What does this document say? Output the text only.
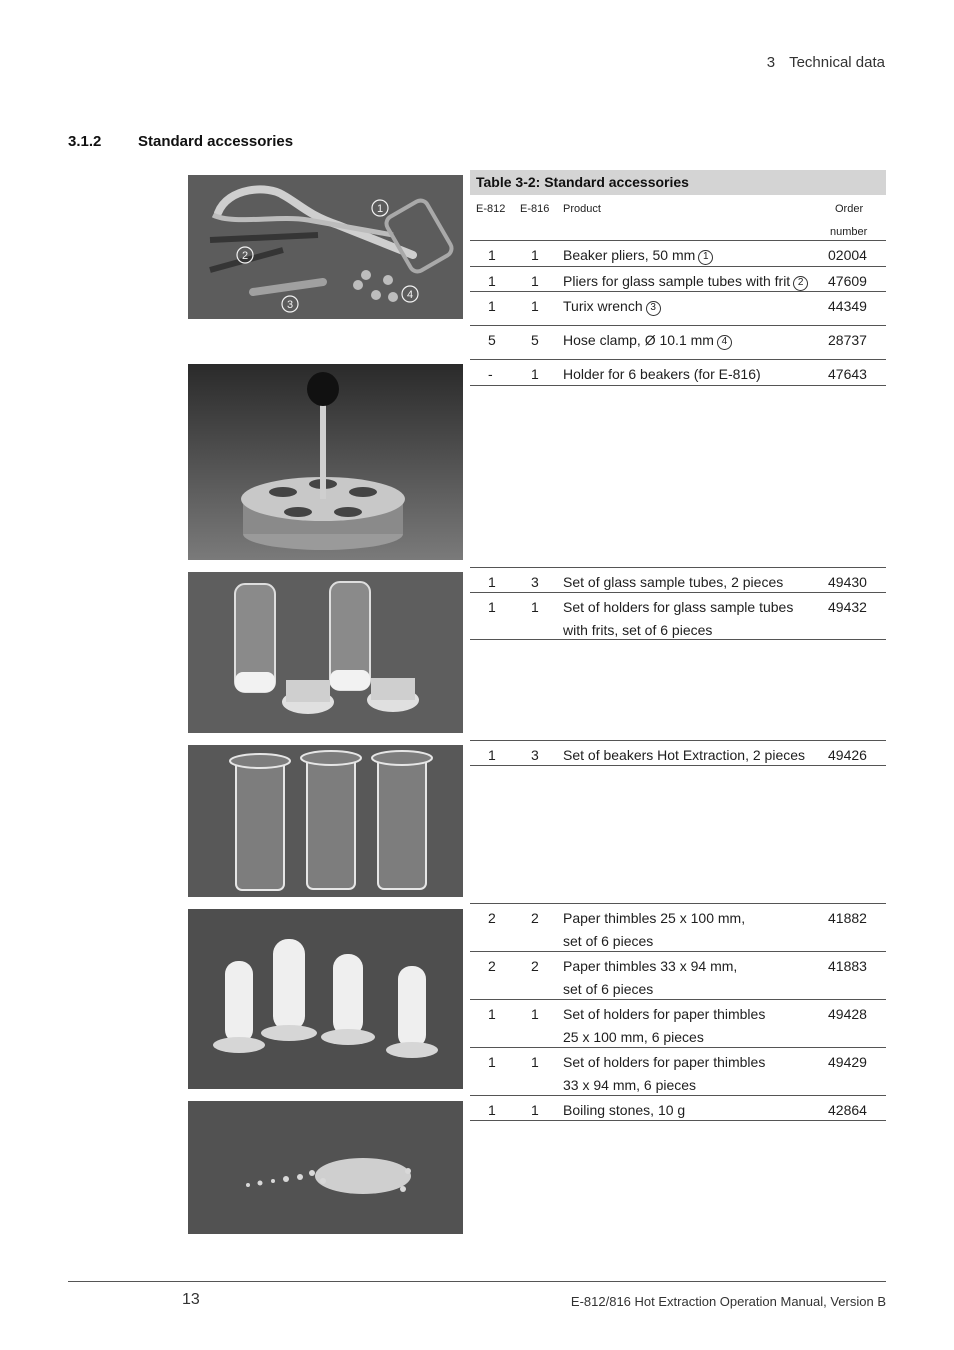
3 Technical data
3.1.2 Standard accessories
1
2
3
4
Table 3-2: Standard accessories
E-812 E-816 Product	Order
number
1	1 Beaker pliers, 50 mm 1	02004
1	1 Pliers for glass sample tubes with frit 2	47609
1	1 Turix wrench 3	44349
5	5 Hose clamp, Ø 10.1 mm 4	28737
-	1 Holder for 6 beakers (for E-816)	47643
1	3 Set of glass sample tubes, 2 pieces	49430
1	1 Set of holders for glass sample tubes
with frits, set of 6 pieces
49432
1	3 Set of beakers Hot Extraction, 2 pieces	49426
2	2 Paper thimbles 25 x 100 mm,
set of 6 pieces
41882
2	2 Paper thimbles 33 x 94 mm,
set of 6 pieces
41883
1	1 Set of holders for paper thimbles
25 x 100 mm, 6 pieces
49428
1	1 Set of holders for paper thimbles
33 x 94 mm, 6 pieces
49429
1	1 Boiling stones, 10 g	42864
13	E-812/816 Hot Extraction Operation Manual, Version B
